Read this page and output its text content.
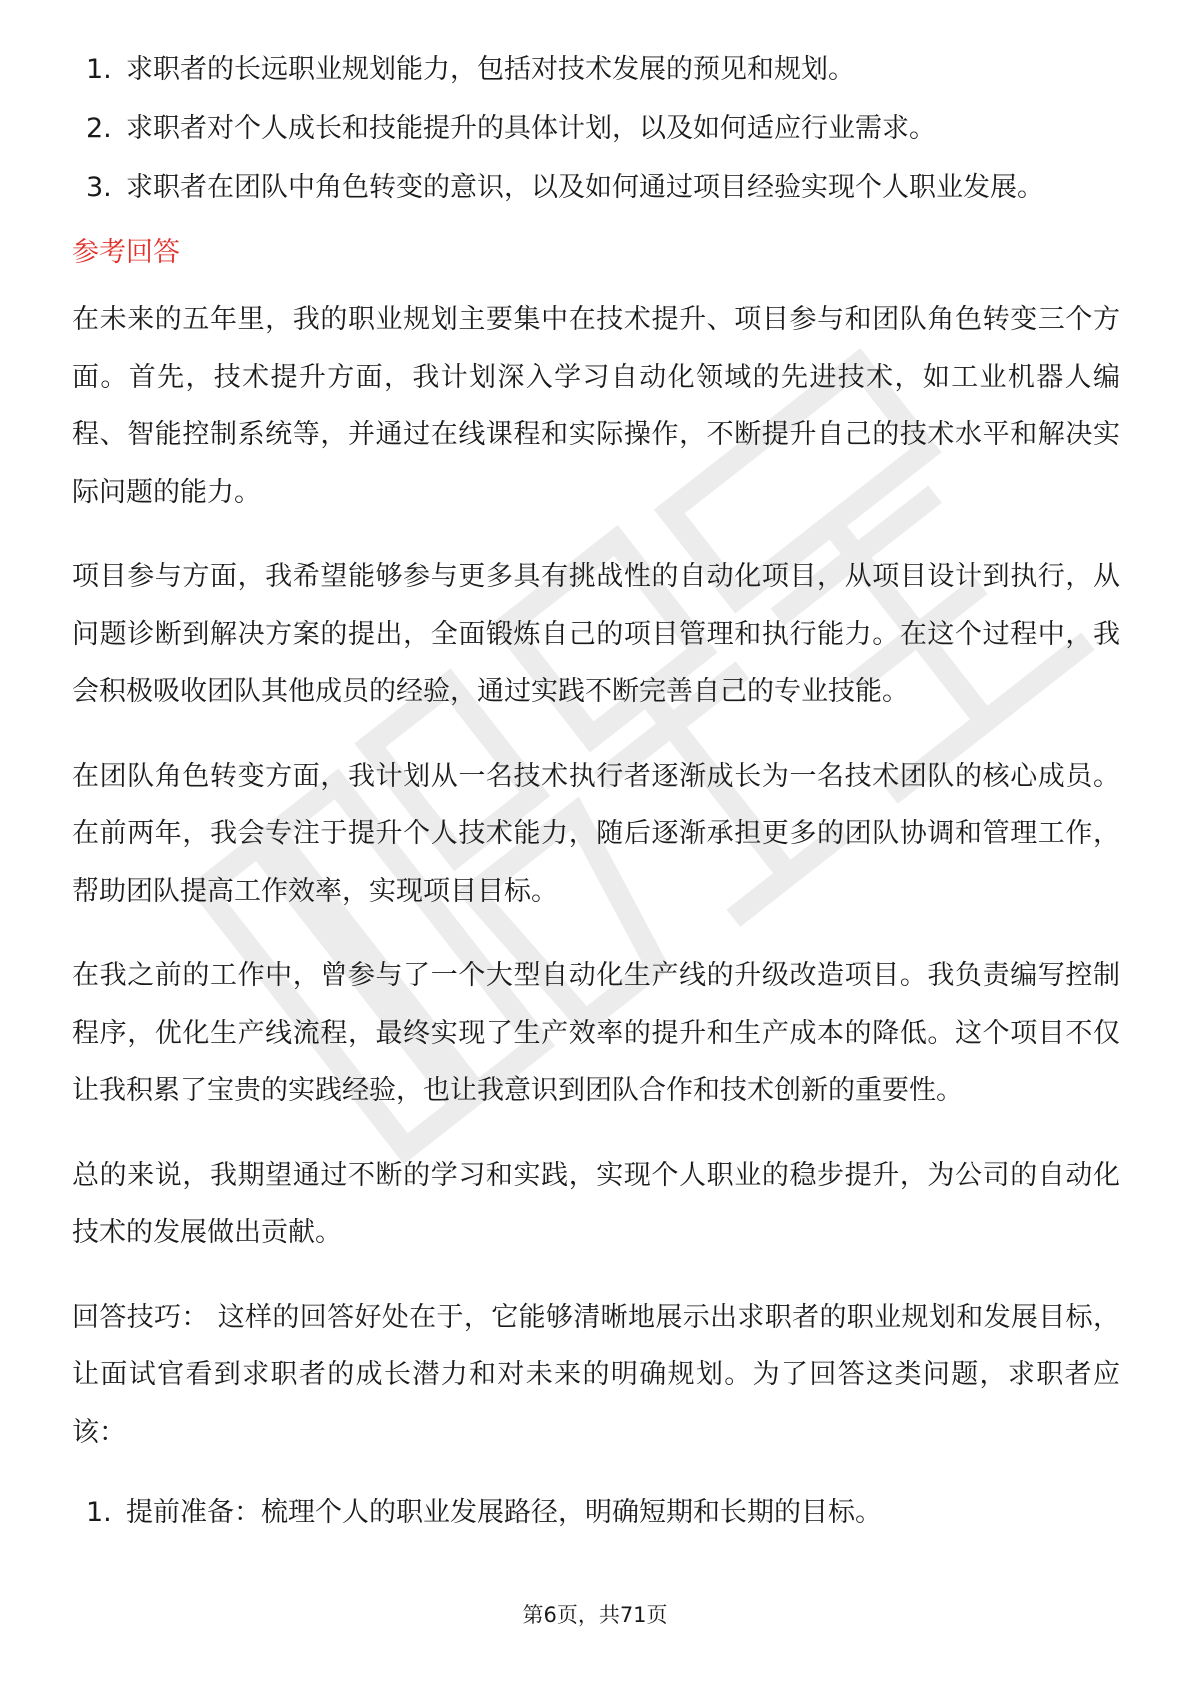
1. 求职者的长远职业规划能力，包括对技术发展的预见和规划。
2. 求职者对个人成长和技能提升的具体计划，以及如何适应行业需求。
3. 求职者在团队中角色转变的意识，以及如何通过项目经验实现个人职业发展。
参考回答

在未来的五年里，我的职业规划主要集中在技术提升、项目参与和团队角色转变三个方面。首先，技术提升方面，我计划深入学习自动化领域的先进技术，如工业机器人编程、智能控制系统等，并通过在线课程和实际操作，不断提升自己的技术水平和解决实际问题的能力。

项目参与方面，我希望能够参与更多具有挑战性的自动化项目，从项目设计到执行，从问题诊断到解决方案的提出，全面锻炼自己的项目管理和执行能力。在这个过程中，我会积极吸收团队其他成员的经验，通过实践不断完善自己的专业技能。

在团队角色转变方面，我计划从一名技术执行者逐渐成长为一名技术团队的核心成员。在前两年，我会专注于提升个人技术能力，随后逐渐承担更多的团队协调和管理工作，帮助团队提高工作效率，实现项目目标。

在我之前的工作中，曾参与了一个大型自动化生产线的升级改造项目。我负责编写控制程序，优化生产线流程，最终实现了生产效率的提升和生产成本的降低。这个项目不仅让我积累了宝贵的实践经验，也让我意识到团队合作和技术创新的重要性。

总的来说，我期望通过不断的学习和实践，实现个人职业的稳步提升，为公司的自动化技术的发展做出贡献。

回答技巧： 这样的回答好处在于，它能够清晰地展示出求职者的职业规划和发展目标，让面试官看到求职者的成长潜力和对未来的明确规划。为了回答这类问题，求职者应该：

1. 提前准备：梳理个人的职业发展路径，明确短期和长期的目标。
第6页，共71页
